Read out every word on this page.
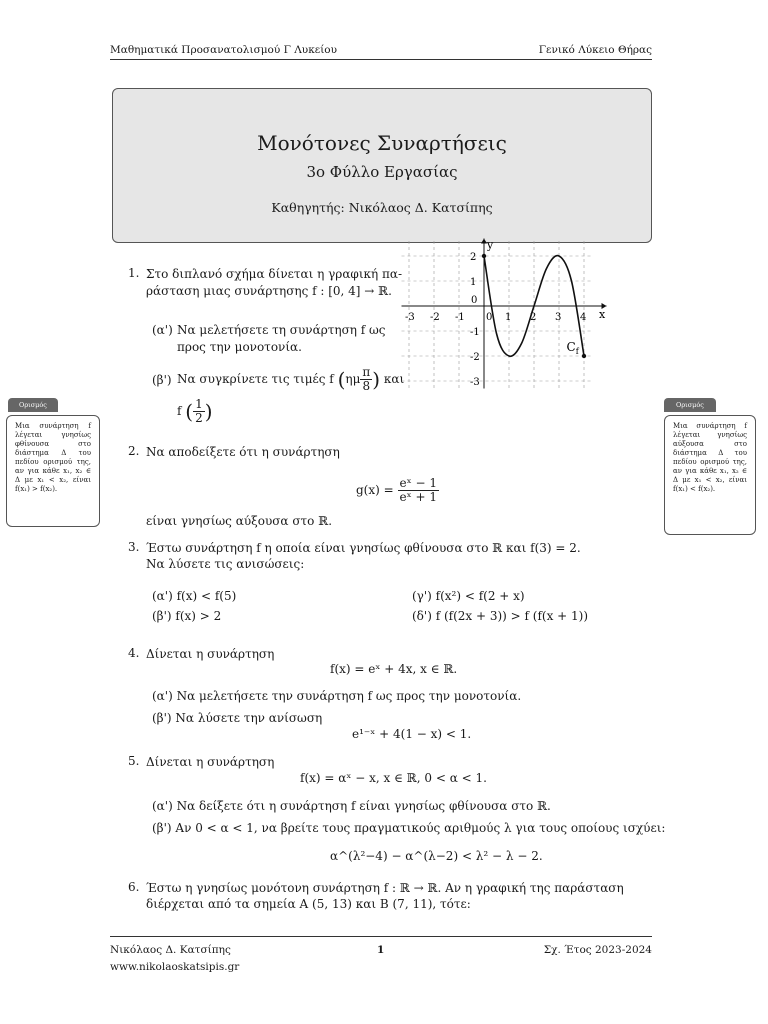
Μαθηματικά Προσανατολισμού Γ Λυκείου	Γενικό Λύκειο Θήρας
Μονότονες Συναρτήσεις
3ο Φύλλο Εργασίας
Καθηγητής: Νικόλαος Δ. Κατσίπης
Ορισμός
Μια συνάρτηση f λέγεται γνησίως φθίνουσα στο διάστημα Δ του πεδίου ορισμού της, αν για κάθε x₁, x₂ ∈ Δ με x₁ < x₂, είναι f(x₁) > f(x₂).
Ορισμός
Μια συνάρτηση f λέγεται γνησίως αύξουσα στο διάστημα Δ του πεδίου ορισμού της, αν για κάθε x₁, x₂ ∈ Δ με x₁ < x₂, είναι f(x₁) < f(x₂).
1. Στο διπλανό σχήμα δίνεται η γραφική πα-
ράσταση μιας συνάρτησης f : [0, 4] → ℝ.
(α') Να μελετήσετε τη συνάρτηση f ως
προς την μονοτονία.
(β') Να συγκρίνετε τις τιμές f ($\eta\mu \frac{\pi}{8}$ ) και
f ( $\frac{1}{2}$ )
-3 -2 -1 0 1 2 3 4
2
1
-1
-2
-3
0
x
y
$C_f$
2. Να αποδείξετε ότι η συνάρτηση
$g(x) = \frac{\text{eˣ − 1}}{\text{eˣ + 1}}$
είναι γνησίως αύξουσα στο ℝ.
3. Έστω συνάρτηση f η οποία είναι γνησίως φθίνουσα στο ℝ και f(3) = 2.
Να λύσετε τις ανισώσεις:
(α') f(x) < f(5)
(β') f(x) > 2
(γ') f(x²) < f(2 + x)
(δ') f (f(2x + 3)) > f (f(x + 1))
4. Δίνεται η συνάρτηση
f(x) = eˣ + 4x, x ∈ ℝ.
(α') Να μελετήσετε την συνάρτηση f ως προς την μονοτονία.
(β') Να λύσετε την ανίσωση
e¹⁻ˣ + 4(1 − x) < 1.
5. Δίνεται η συνάρτηση
f(x) = αˣ − x, x ∈ ℝ, 0 < α < 1.
(α') Να δείξετε ότι η συνάρτηση f είναι γνησίως φθίνουσα στο ℝ.
(β') Αν 0 < α < 1, να βρείτε τους πραγματικούς αριθμούς λ για τους οποίους ισχύει:
α^(λ²−4) − α^(λ−2) < λ² − λ − 2.
6. Έστω η γνησίως μονότονη συνάρτηση f : ℝ → ℝ. Αν η γραφική της παράσταση
διέρχεται από τα σημεία A (5, 13) και B (7, 11), τότε:
Νικόλαος Δ. Κατσίπης
www.nikolaoskatsipis.gr
1	Σχ. Έτος 2023-2024
